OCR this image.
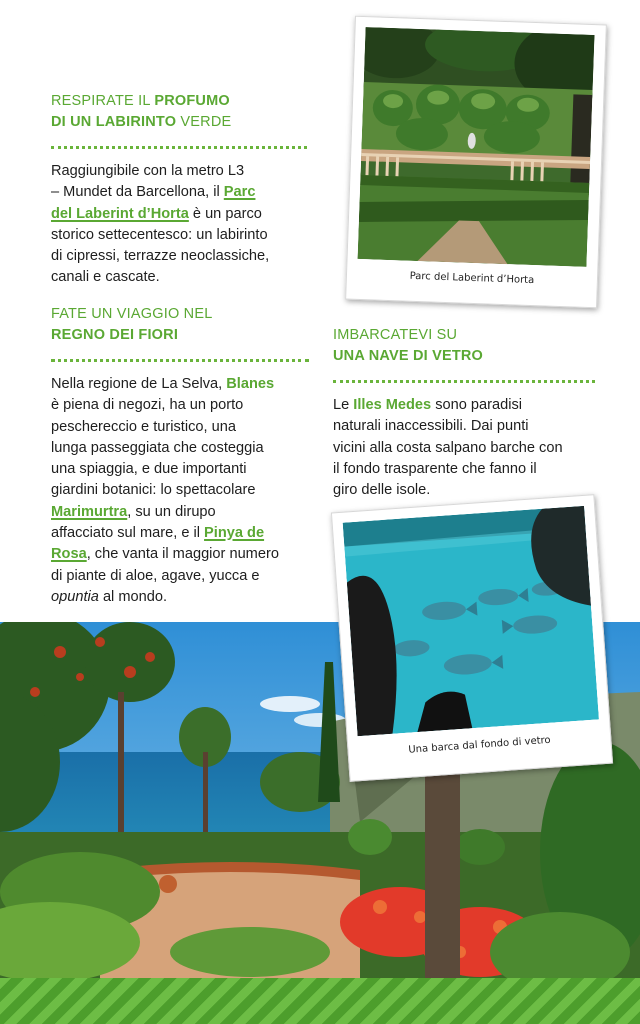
RESPIRATE IL PROFUMO
DI UN LABIRINTO VERDE
Raggiungibile con la metro L3
– Mundet da Barcellona, il Parc
del Laberint d’Horta è un parco
storico settecentesco: un labirinto
di cipressi, terrazze neoclassiche,
canali e cascate.
FATE UN VIAGGIO NEL
REGNO DEI FIORI
Nella regione de La Selva, Blanes
è piena di negozi, ha un porto
peschereccio e turistico, una
lunga passeggiata che costeggia
una spiaggia, e due importanti
giardini botanici: lo spettacolare
Marimurtra, su un dirupo
affacciato sul mare, e il Pinya de
Rosa, che vanta il maggior numero
di piante di aloe, agave, yucca e
opuntia al mondo.
IMBARCATEVI SU
UNA NAVE DI VETRO
Le Illes Medes sono paradisi
naturali inaccessibili. Dai punti
vicini alla costa salpano barche con
il fondo trasparente che fanno il
giro delle isole.
Parc del Laberint d’Horta
Una barca dal fondo di vetro
